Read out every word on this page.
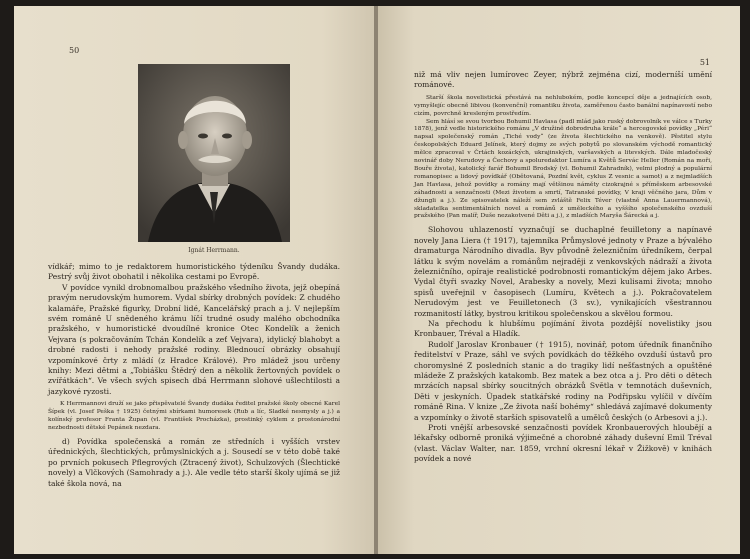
50
Ignát Herrmann.

vídkář; mimo to je redaktorem humoristického týdeníku Švandy dudáka. Pestrý svůj život obohatil i několika cestami po Evropě.

V povídce vynikl drobnomalbou pražského všedního života, jejž obepíná pravým nerudovským humorem. Vydal sbírky drobných povídek: Z chudého kalamáře, Pražské figurky, Drobní lidé, Kancelářský prach a j. V nejlepším svém románě U snědeného krámu líčí trudné osudy malého obchodníka pražského, v humoristické dvoudílné kronice Otec Kondelík a ženich Vejvara (s pokračováním Tchán Kondelík a zeť Vejvara), idylický blahobyt a drobné radosti i nehody pražské rodiny. Blednoucí obrázky obsahují vzpomínkové črty z mládí (z Hradce Králové). Pro mládež jsou určeny knihy: Mezi dětmi a „Tobiášku Štědrý den a několik žertovných povídek o zvířátkách“. Ve všech svých spisech dbá Herrmann slohové ušlechtilosti a jazykové ryzosti.

K Herrmannovi druží se jako přispěvatelé Švandy dudáka ředitel pražské školy obecné Karel Šípek (vl. Josef Peška † 1925) četnými sbírkami humoresek (Rub a líc, Sladké nesmysly a j.) a kolínský profesor Franta Župan (vl. František Procházka), prostinký cyklem z prostonárodní nezbednosti dětské Pepánek nezdara.

d) Povídka společenská a román ze středních i vyšších vrstev úřednických, šlechtických, průmyslnických a j. Sousedí se v této době také po prvních pokusech Pflegrových (Ztracený život), Schulzových (Šlechtické novely) a Vlčkových (Samohrady a j.). Ale vedle této starší školy ujímá se již také škola nová, na

51

niž má vliv nejen lumírovec Zeyer, nýbrž zejména cizí, moderníší umění románové.

Starší škola novelistická přestává na nehlubokém, podle koncepcí děje a jednajících osob, vymyšlejíc obecně libivou (konvenční) romantiku života, zaměřenou často banální napínavostí nebo cizím, povrchně kresleným prostředím.

Sem hlásí se svou tvorbou Bohumil Havlasa (padl mlád jako ruský dobrovolník ve válce s Turky 1878), jenž vedle historického románu „V družině dobrodruha krále“ a hercegovské povídky „Péri“ napsal společenský román „Tiché vody“ (ze života šlechtického na venkově). Pěstitel stylu českopolských Eduard Jelínek, který dojmy ze svých pobytů po slovanském východě romantický mělce zpracoval v Črtách kozáckých, ukrajinských, varšavských a litevských. Dále mladočeský novinář doby Nerudovy a Čechovy a spoluredaktor Lumíra a Květů Servác Heller (Román na moři, Bouře života), katolický farář Bohumil Brodský (vl. Bohumil Zahradník), velmi plodný a populární romanopisec a lidový povídkář (Obětovaná, Pozdní květ, cyklus Z vesnic a samot) a z nejmladších Jan Havlasa, jehož povídky a romány mají většinou náměty cizokrajné s příměskem arbesovské záhadnosti a senzačnosti (Mezi životem a smrtí, Tatranské povídky, V kraji věčného jara, Dům v džungli a j.). Ze spisovatelek náleží sem zvláště Felix Téver (vlastně Anna Lauermannová), skladatelka sentimentálních novel a románů z uměleckého a vyššího společenského ovzduší pražského (Pan malíř, Duše nezakotvené Děti a j.), z mladších Maryša Šárecká a j.

Slohovou uhlazeností vyznačují se duchaplné feuilletony a napínavé novely Jana Liera († 1917), tajemníka Průmyslové jednoty v Praze a bývalého dramaturga Národního divadla. Byv původně železničním úředníkem, čerpal látku k svým novelám a románům nejraději z venkovských nádraží a života železničního, opíraje realistické podrobnosti romantickým dějem jako Arbes. Vydal čtyři svazky Novel, Arabesky a novely, Mezi kulisami života; mnoho spisů uveřejnil v časopisech (Lumíru, Květech a j.). Pokračovatelem Nerudovým jest ve Feuilletonech (3 sv.), vynikajících všestrannou rozmanitostí látky, bystrou kritikou společenskou a skvělou formou.

Na přechodu k hlubšímu pojímání života pozdější novelistiky jsou Kronbauer, Tréval a Hladík.

Rudolf Jaroslav Kronbauer († 1915), novinář, potom úředník finančního ředitelství v Praze, sáhl ve svých povídkách do těžkého ovzduší ústavů pro choromyslné Z posledních stanic a do tragiky lidí nešťastných a opuštěné mládeže Z pražských katakomb. Bez matek a bez otca a j. Pro děti o dětech mrzácích napsal sbírky soucitných obrázků Světla v temnotách duševních, Děti v jeskyních. Úpadek statkářské rodiny na Podřipsku vylíčil v dívčím románě Rina. V knize „Ze života naší bohémy“ shledává zajímavé dokumenty a vzpomínky o životě starších spisovatelů a umělců českých (o Arbesovi a j.).

Proti vnější arbesovské senzačnosti povídek Kronbauerových hloubějí a lékařsky odborně proniká výjimečné a chorobné záhady duševní Emil Tréval (vlast. Václav Walter, nar. 1859, vrchní okresní lékař v Žižkově) v knihách povídek a nové
